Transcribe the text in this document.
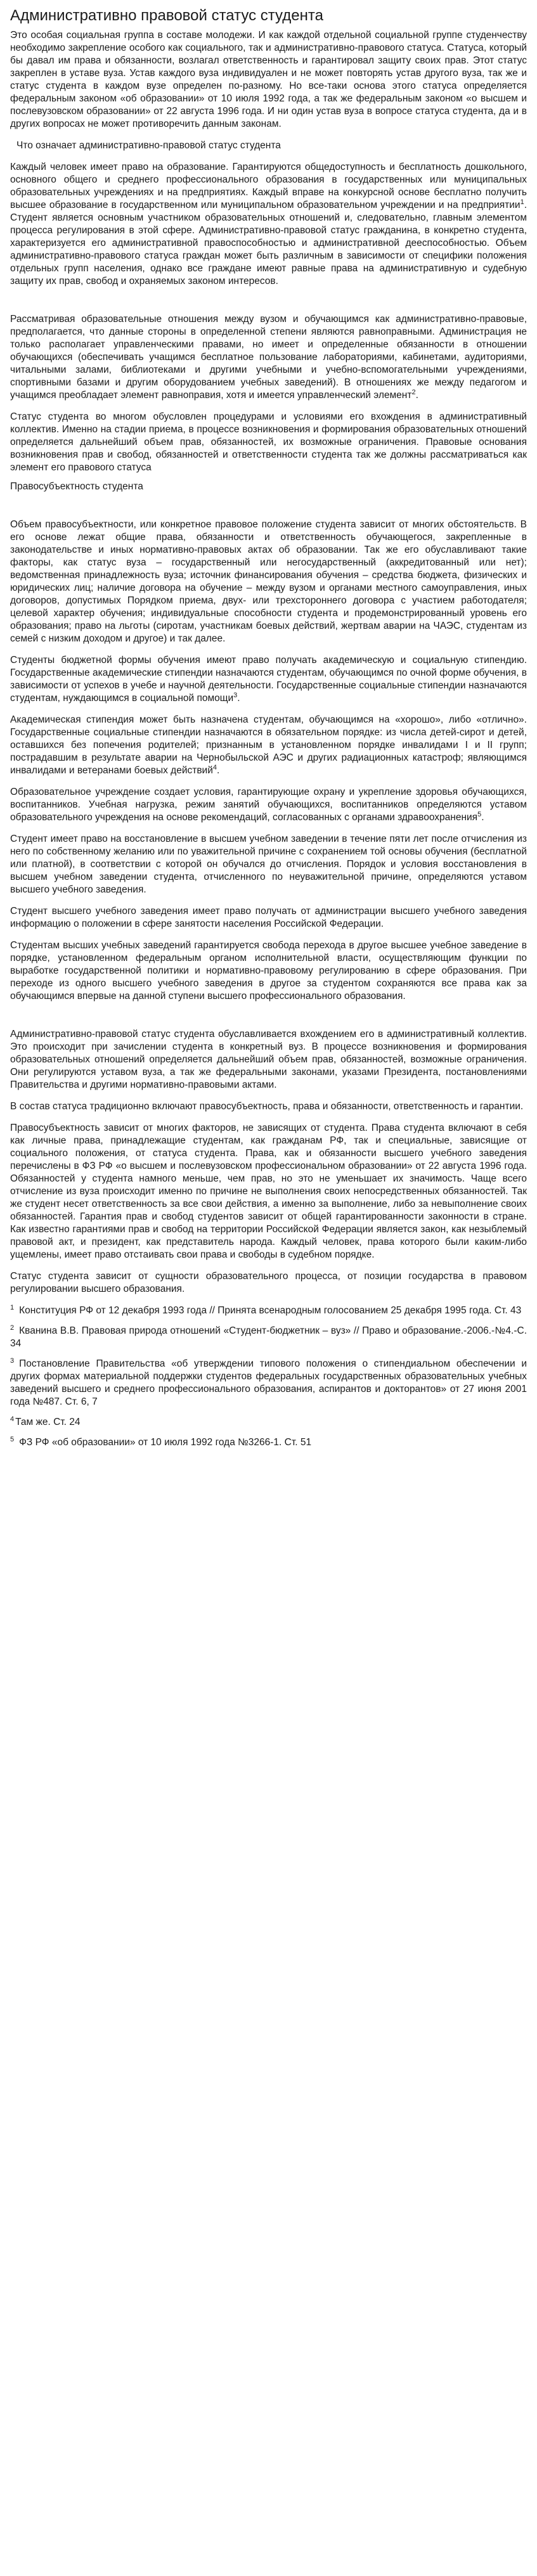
Административно правовой статус студента

Это особая социальная группа в составе молодежи. И как каждой отдельной социальной группе студенчеству необходимо закрепление особого как социального, так и административно-правового статуса. Статуса, который бы давал им права и обязанности, возлагал ответственность и гарантировал защиту своих прав. Этот статус закреплен в уставе вуза. Устав каждого вуза индивидуален и не может повторять устав другого вуза, так же и статус студента в каждом вузе определен по-разному. Но все-таки основа этого статуса определяется федеральным законом «об образовании» от 10 июля 1992 года, а так же федеральным законом «о высшем и послевузовском образовании» от 22 августа 1996 года. И ни один устав вуза в вопросе статуса студента, да и в других вопросах не может противоречить данным законам.

Что означает административно-правовой статус студента

Каждый человек имеет право на образование. Гарантируются общедоступность и бесплатность дошкольного, основного общего и среднего профессионального образования в государственных или муниципальных образовательных учреждениях и на предприятиях. Каждый вправе на конкурсной основе бесплатно получить высшее образование в государственном или муниципальном образовательном учреждении и на предприятии$^1$. Студент является основным участником образовательных отношений и, следовательно, главным элементом процесса регулирования в этой сфере. Административно-правовой статус гражданина, в конкретно студента, характеризуется его административной правоспособностью и административной дееспособностью. Объем административно-правового статуса граждан может быть различным в зависимости от специфики положения отдельных групп населения, однако все граждане имеют равные права на административную и судебную защиту их прав, свобод и охраняемых законом интересов.

Рассматривая образовательные отношения между вузом и обучающимся как административно-правовые, предполагается, что данные стороны в определенной степени являются равноправными. Администрация не только располагает управленческими правами, но имеет и определенные обязанности в отношении обучающихся (обеспечивать учащимся бесплатное пользование лабораториями, кабинетами, аудиториями, читальными залами, библиотеками и другими учебными и учебно-вспомогательными учреждениями, спортивными базами и другим оборудованием учебных заведений). В отношениях же между педагогом и учащимся преобладает элемент равноправия, хотя и имеется управленческий элемент$^2$.

Статус студента во многом обусловлен процедурами и условиями его вхождения в административный коллектив. Именно на стадии приема, в процессе возникновения и формирования образовательных отношений определяется дальнейший объем прав, обязанностей, их возможные ограничения. Правовые основания возникновения прав и свобод, обязанностей и ответственности студента так же должны рассматриваться как элемент его правового статуса

Правосубъектность студента

Объем правосубъектности, или конкретное правовое положение студента зависит от многих обстоятельств. В его основе лежат общие права, обязанности и ответственность обучающегося, закрепленные в законодательстве и иных нормативно-правовых актах об образовании. Так же его обуславливают такие факторы, как статус вуза – государственный или негосударственный (аккредитованный или нет); ведомственная принадлежность вуза; источник финансирования обучения – средства бюджета, физических и юридических лиц; наличие договора на обучение – между вузом и органами местного самоуправления, иных договоров, допустимых Порядком приема, двух- или трехстороннего договора с участием работодателя; целевой характер обучения; индивидуальные способности студента и продемонстрированный уровень его образования; право на льготы (сиротам, участникам боевых действий, жертвам аварии на ЧАЭС, студентам из семей с низким доходом и другое) и так далее.

Студенты бюджетной формы обучения имеют право получать академическую и социальную стипендию. Государственные академические стипендии назначаются студентам, обучающимся по очной форме обучения, в зависимости от успехов в учебе и научной деятельности. Государственные социальные стипендии назначаются студентам, нуждающимся в социальной помощи$^3$.

Академическая стипендия может быть назначена студентам, обучающимся на «хорошо», либо «отлично». Государственные социальные стипендии назначаются в обязательном порядке: из числа детей-сирот и детей, оставшихся без попечения родителей; признанным в установленном порядке инвалидами I и II групп; пострадавшим в результате аварии на Чернобыльской АЭС и других радиационных катастроф; являющимся инвалидами и ветеранами боевых действий$^4$.

Образовательное учреждение создает условия, гарантирующие охрану и укрепление здоровья обучающихся, воспитанников. Учебная нагрузка, режим занятий обучающихся, воспитанников определяются уставом образовательного учреждения на основе рекомендаций, согласованных с органами здравоохранения$^5$.

Студент имеет право на восстановление в высшем учебном заведении в течение пяти лет после отчисления из него по собственному желанию или по уважительной причине с сохранением той основы обучения (бесплатной или платной), в соответствии с которой он обучался до отчисления. Порядок и условия восстановления в высшем учебном заведении студента, отчисленного по неуважительной причине, определяются уставом высшего учебного заведения.

Студент высшего учебного заведения имеет право получать от администрации высшего учебного заведения информацию о положении в сфере занятости населения Российской Федерации.

Студентам высших учебных заведений гарантируется свобода перехода в другое высшее учебное заведение в порядке, установленном федеральным органом исполнительной власти, осуществляющим функции по выработке государственной политики и нормативно-правовому регулированию в сфере образования. При переходе из одного высшего учебного заведения в другое за студентом сохраняются все права как за обучающимся впервые на данной ступени высшего профессионального образования.

Административно-правовой статус студента обуславливается вхождением его в административный коллектив. Это происходит при зачислении студента в конкретный вуз. В процессе возникновения и формирования образовательных отношений определяется дальнейший объем прав, обязанностей, возможные ограничения. Они регулируются уставом вуза, а так же федеральными законами, указами Президента, постановлениями Правительства и другими нормативно-правовыми актами.

В состав статуса традиционно включают правосубъектность, права и обязанности, ответственность и гарантии.

Правосубъектность зависит от многих факторов, не зависящих от студента. Права студента включают в себя как личные права, принадлежащие студентам, как гражданам РФ, так и специальные, зависящие от социального положения, от статуса студента. Права, как и обязанности высшего учебного заведения перечислены в ФЗ РФ «о высшем и послевузовском профессиональном образовании» от 22 августа 1996 года. Обязанностей у студента намного меньше, чем прав, но это не уменьшает их значимость. Чаще всего отчисление из вуза происходит именно по причине не выполнения своих непосредственных обязанностей. Так же студент несет ответственность за все свои действия, а именно за выполнение, либо за невыполнение своих обязанностей. Гарантия прав и свобод студентов зависит от общей гарантированности законности в стране. Как известно гарантиями прав и свобод на территории Российской Федерации является закон, как незыблемый правовой акт, и президент, как представитель народа. Каждый человек, права которого были каким-либо ущемлены, имеет право отстаивать свои права и свободы в судебном порядке.

Статус студента зависит от сущности образовательного процесса, от позиции государства в правовом регулировании высшего образования.

$^1$ Конституция РФ от 12 декабря 1993 года // Принята всенародным голосованием 25 декабря 1995 года. Ст. 43

$^2$ Кванина В.В. Правовая природа отношений «Студент-бюджетник – вуз» // Право и образование.-2006.-№4.-С. 34

$^3$ Постановление Правительства «об утверждении типового положения о стипендиальном обеспечении и других формах материальной поддержки студентов федеральных государственных образовательных учебных заведений высшего и среднего профессионального образования, аспирантов и докторантов» от 27 июня 2001 года №487. Ст. 6, 7

$^4$ Там же. Ст. 24

$^5$ ФЗ РФ «об образовании» от 10 июля 1992 года №3266-1. Ст. 51
